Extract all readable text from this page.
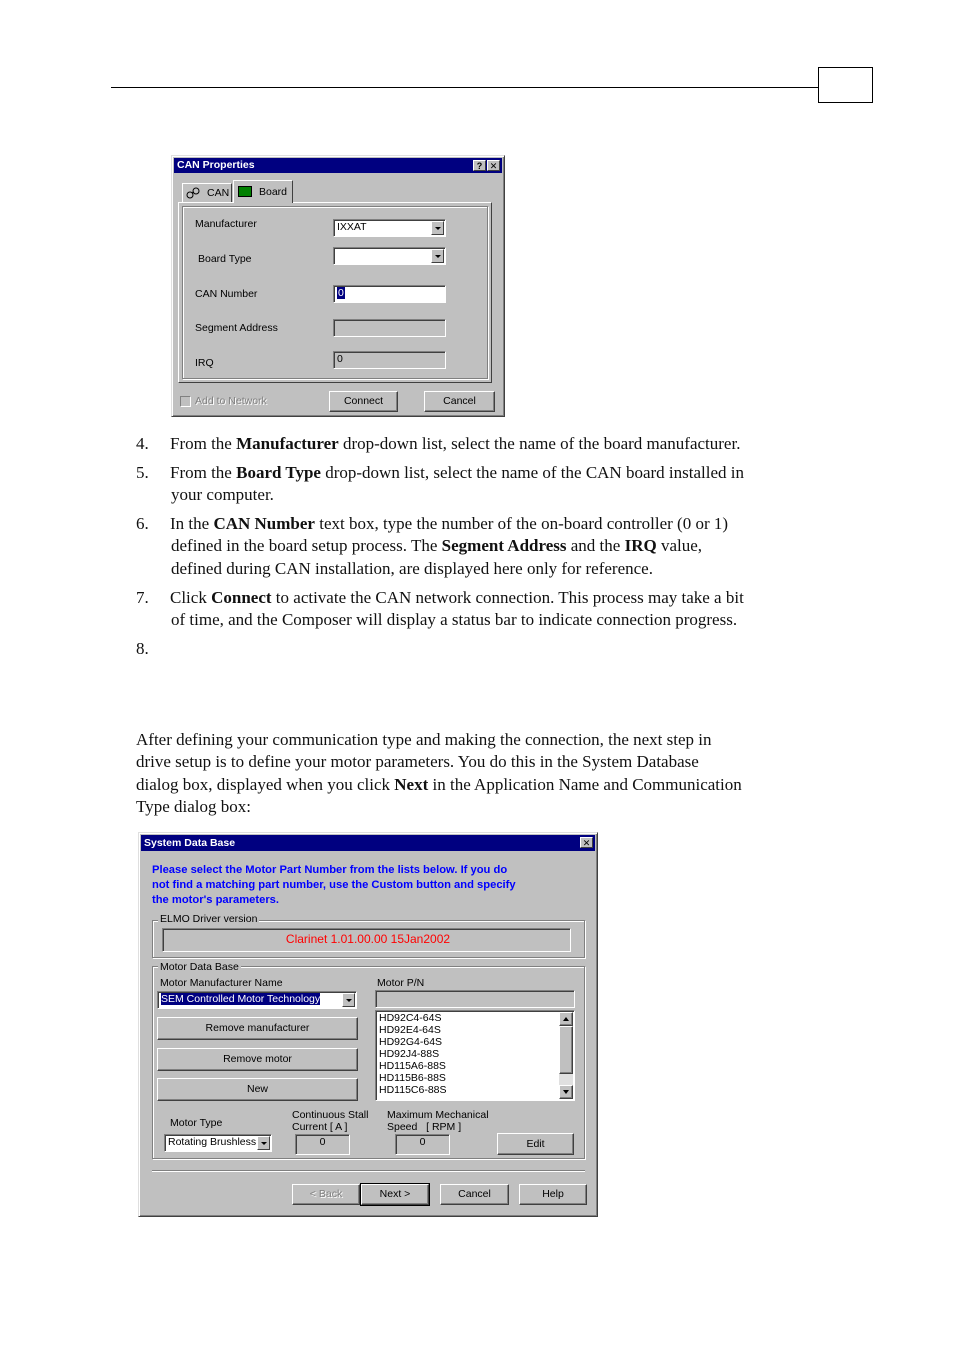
CAN Properties	? ✕
CAN	Board
Manufacturer	IXXAT
Board Type
CAN Number	0
Segment Address
IRQ	0
Add to Network	Connect	Cancel
4. From the Manufacturer drop-down list, select the name of the board manufacturer.
5. From the Board Type drop-down list, select the name of the CAN board installed in
your computer.
6. In the CAN Number text box, type the number of the on-board controller (0 or 1)
defined in the board setup process. The Segment Address and the IRQ value,
defined during CAN installation, are displayed here only for reference.
7. Click Connect to activate the CAN network connection. This process may take a bit
of time, and the Composer will display a status bar to indicate connection progress.
8.
After defining your communication type and making the connection, the next step in
drive setup is to define your motor parameters. You do this in the System Database
dialog box, displayed when you click Next in the Application Name and Communication
Type dialog box:
System Data Base	✕
Please select the Motor Part Number from the lists below. If you do
not find a matching part number, use the Custom button and specify
the motor's parameters.
ELMO Driver version
Clarinet 1.01.00.00 15Jan2002
Motor Data Base
Motor Manufacturer Name
SEM Controlled Motor Technology
Motor P/N
Remove manufacturer
Remove motor
New
HD92C4-64S
HD92E4-64S
HD92G4-64S
HD92J4-88S
HD115A6-88S
HD115B6-88S
HD115C6-88S
Motor Type
Rotating Brushless
Continuous Stall
Current [ A ]
0
Maximum Mechanical
Speed   [ RPM ]
0	Edit
< Back	Next >	Cancel	Help
